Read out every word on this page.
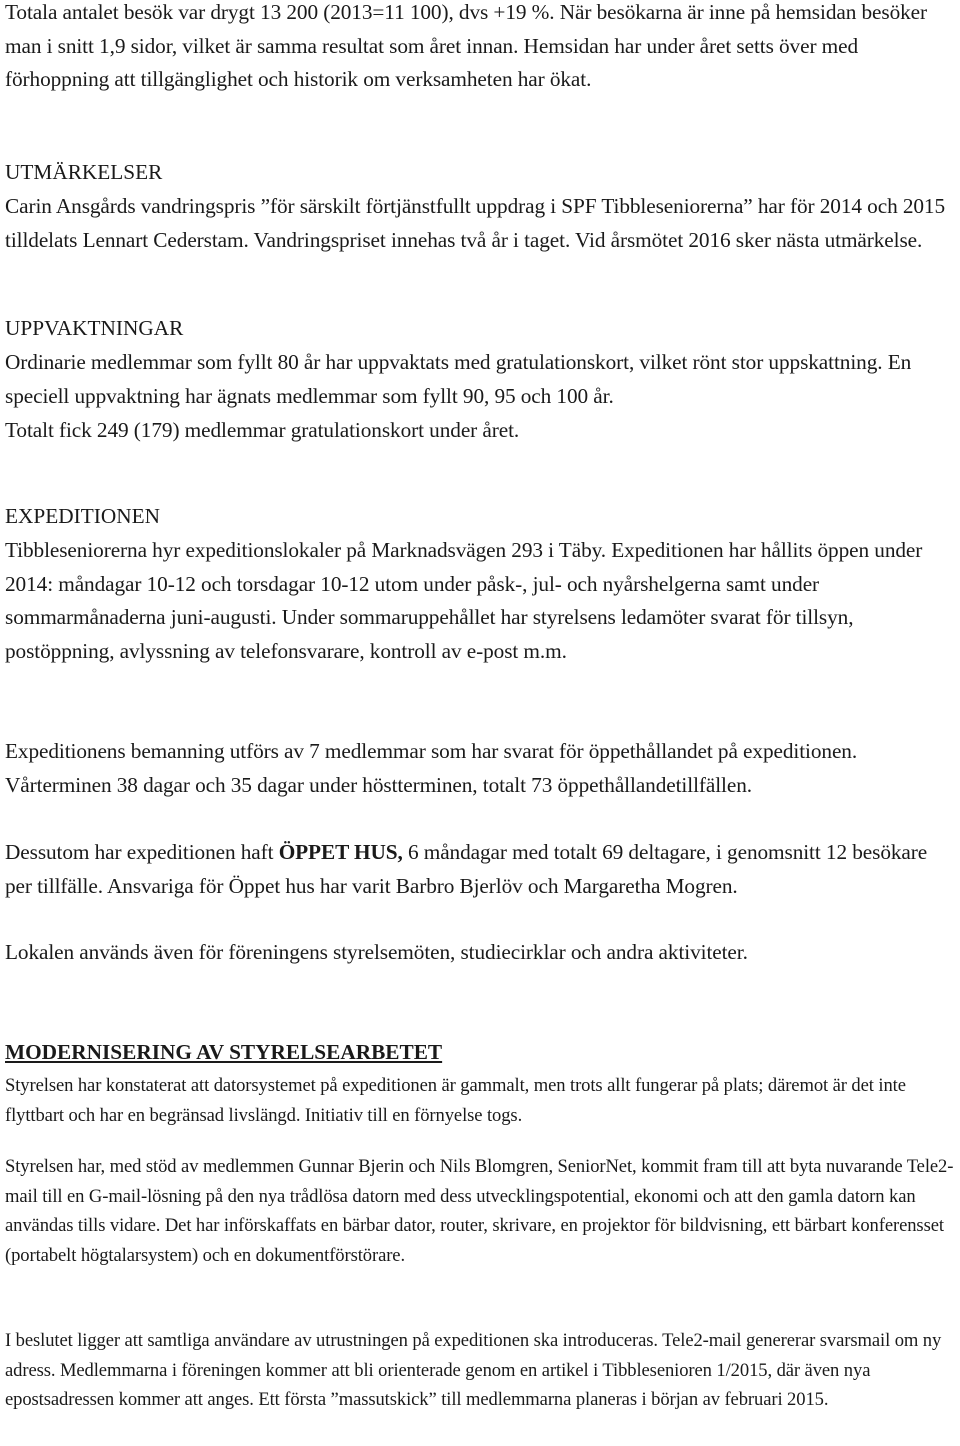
Totala antalet besök var drygt 13 200 (2013=11 100), dvs +19 %. När besökarna är inne på hemsidan besöker man i snitt 1,9 sidor, vilket är samma resultat som året innan. Hemsidan har under året setts över med förhoppning att tillgänglighet och historik om verksamheten har ökat.

UTMÄRKELSER

Carin Ansgårds vandringspris ”för särskilt förtjänstfullt uppdrag i SPF Tibbleseniorerna” har för 2014 och 2015 tilldelats Lennart Cederstam. Vandringspriset innehas två år i taget. Vid årsmötet 2016 sker nästa utmärkelse.

UPPVAKTNINGAR

Ordinarie medlemmar som fyllt 80 år har uppvaktats med gratulationskort, vilket rönt stor uppskattning. En speciell uppvaktning har ägnats medlemmar som fyllt 90, 95 och 100 år.

Totalt fick 249 (179) medlemmar gratulationskort under året.

EXPEDITIONEN

Tibbleseniorerna hyr expeditionslokaler på Marknadsvägen 293 i Täby. Expeditionen har hållits öppen under 2014: måndagar 10-12 och torsdagar 10-12 utom under påsk-, jul- och nyårshelgerna samt under sommarmånaderna juni-augusti. Under sommaruppehållet har styrelsens ledamöter svarat för tillsyn, postöppning, avlyssning av telefonsvarare, kontroll av e-post m.m.

Expeditionens bemanning utförs av 7 medlemmar som har svarat för öppethållandet på expeditionen. Vårterminen 38 dagar och 35 dagar under höstterminen, totalt 73 öppethållandetillfällen.

Dessutom har expeditionen haft ÖPPET HUS, 6 måndagar med totalt 69 deltagare, i genomsnitt 12 besökare per tillfälle. Ansvariga för Öppet hus har varit Barbro Bjerlöv och Margaretha Mogren.

Lokalen används även för föreningens styrelsemöten, studiecirklar och andra aktiviteter.

MODERNISERING AV STYRELSEARBETET

Styrelsen har konstaterat att datorsystemet på expeditionen är gammalt, men trots allt fungerar på plats; däremot är det inte flyttbart och har en begränsad livslängd. Initiativ till en förnyelse togs.

Styrelsen har, med stöd av medlemmen Gunnar Bjerin och Nils Blomgren, SeniorNet, kommit fram till att byta nuvarande Tele2-mail till en G-mail-lösning på den nya trådlösa datorn med dess utvecklingspotential, ekonomi och att den gamla datorn kan användas tills vidare. Det har införskaffats en bärbar dator, router, skrivare, en projektor för bildvisning, ett bärbart konferensset (portabelt högtalarsystem) och en dokumentförstörare.

I beslutet ligger att samtliga användare av utrustningen på expeditionen ska introduceras. Tele2-mail genererar svarsmail om ny adress. Medlemmarna i föreningen kommer att bli orienterade genom en artikel i Tibblesenioren 1/2015, där även nya epostsadressen kommer att anges. Ett första ”massutskick” till medlemmarna planeras i början av februari 2015.
